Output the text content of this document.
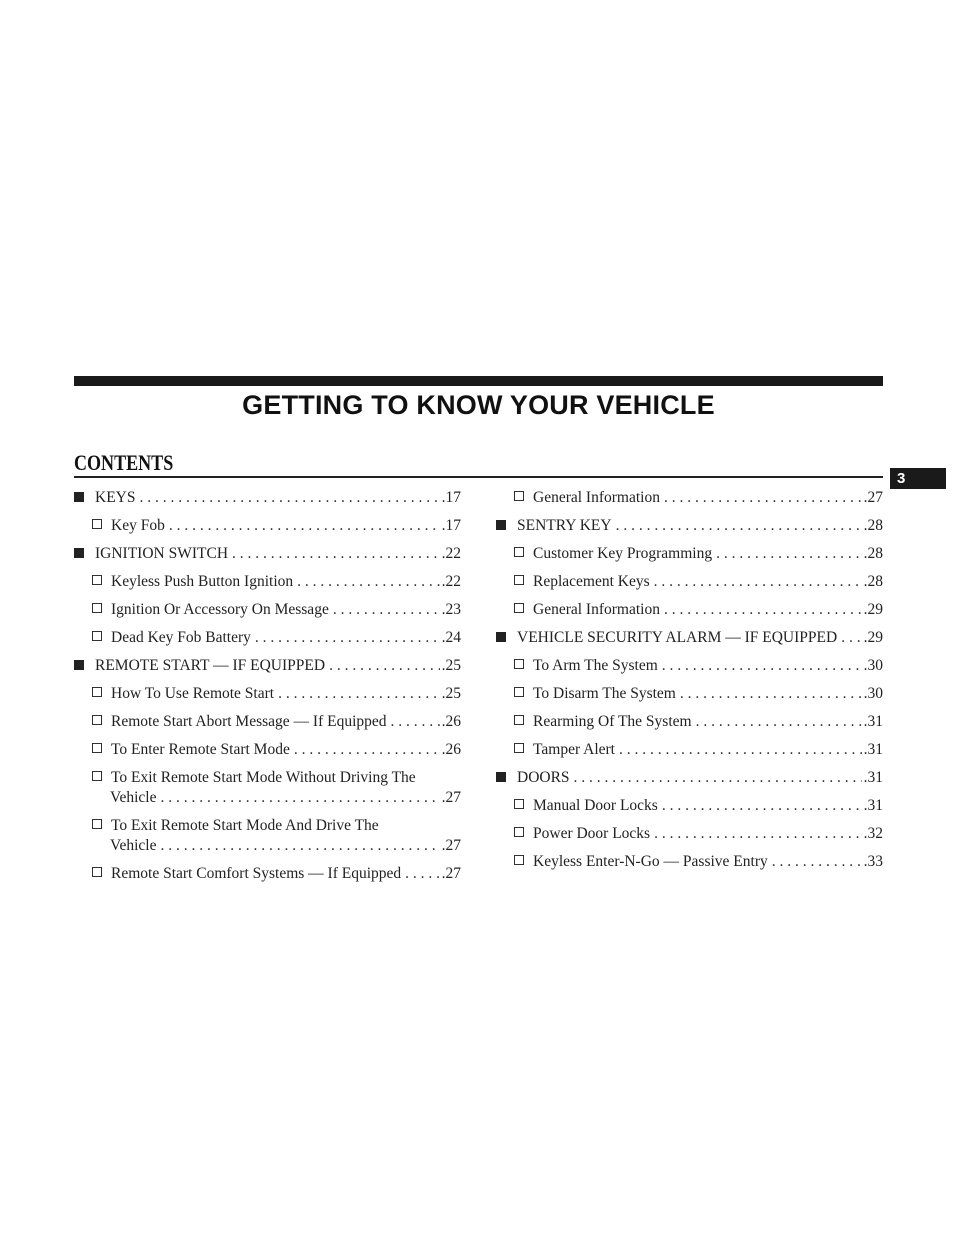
GETTING TO KNOW YOUR VEHICLE
CONTENTS
3
KEYS . . .	.17
Key Fob . . .	.17
IGNITION SWITCH . . .	.22
Keyless Push Button Ignition . . .	.22
Ignition Or Accessory On Message . . .	.23
Dead Key Fob Battery . . .	.24
REMOTE START — IF EQUIPPED . . .	.25
How To Use Remote Start . . .	.25
Remote Start Abort Message — If Equipped . . .	.26
To Enter Remote Start Mode . . .	.26
To Exit Remote Start Mode Without Driving The
Vehicle . . .	.27
To Exit Remote Start Mode And Drive The
Vehicle . . .	.27
Remote Start Comfort Systems — If Equipped . . .	.27
General Information . . .	.27
SENTRY KEY . . .	.28
Customer Key Programming . . .	.28
Replacement Keys . . .	.28
General Information . . .	.29
VEHICLE SECURITY ALARM — IF EQUIPPED . . . .29
To Arm The System . . .	.30
To Disarm The System . . .	.30
Rearming Of The System . . .	.31
Tamper Alert . . .	.31
DOORS . . .	.31
Manual Door Locks . . .	.31
Power Door Locks . . .	.32
Keyless Enter-N-Go — Passive Entry . . .	.33
